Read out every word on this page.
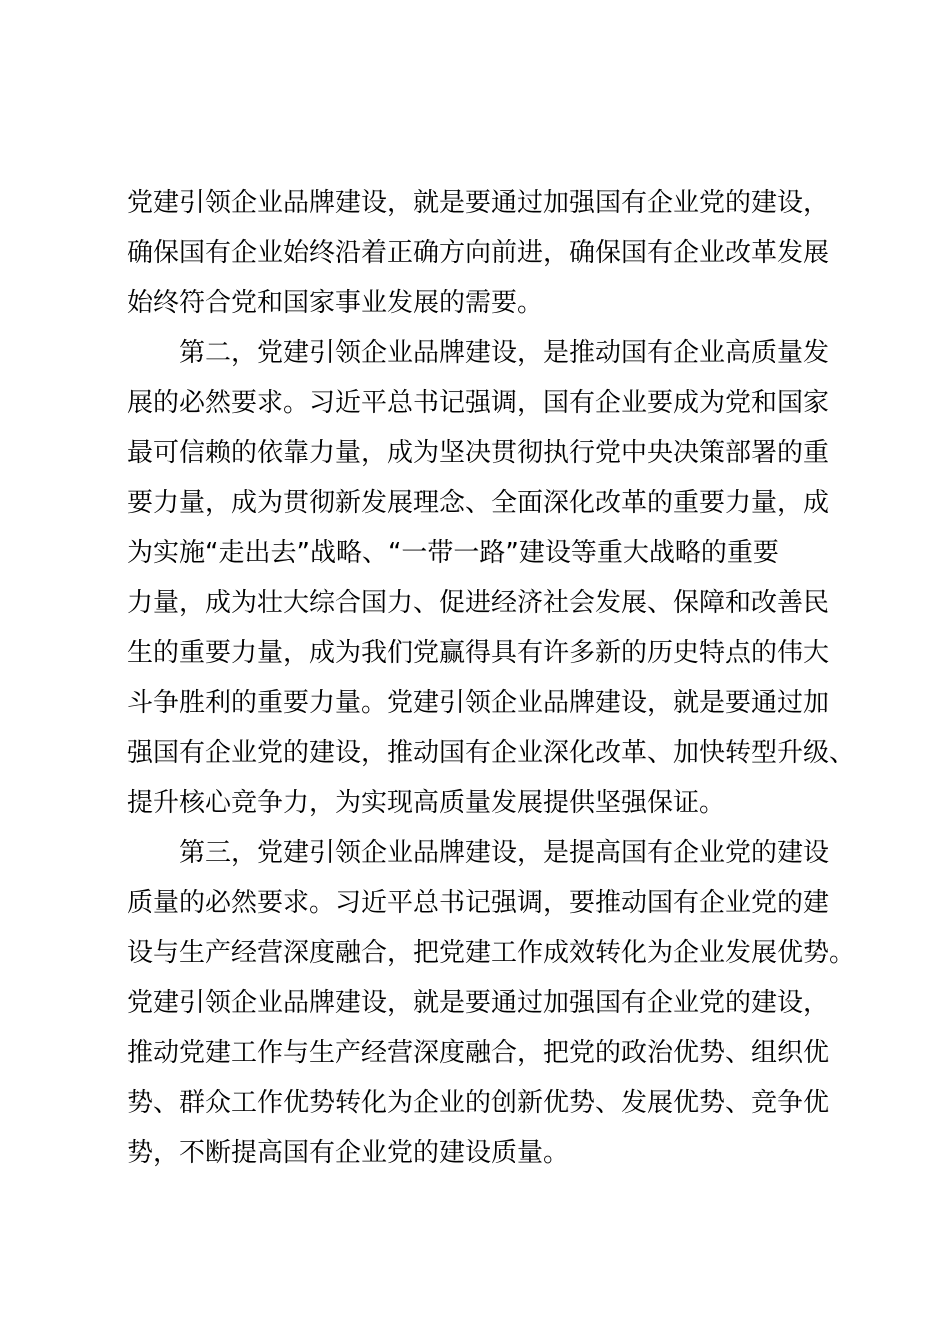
党建引领企业品牌建设，就是要通过加强国有企业党的建设，
确保国有企业始终沿着正确方向前进，确保国有企业改革发展
始终符合党和国家事业发展的需要。
第二，党建引领企业品牌建设，是推动国有企业高质量发
展的必然要求。习近平总书记强调，国有企业要成为党和国家
最可信赖的依靠力量，成为坚决贯彻执行党中央决策部署的重
要力量，成为贯彻新发展理念、全面深化改革的重要力量，成
为实施“走出去”战略、“一带一路”建设等重大战略的重要
力量，成为壮大综合国力、促进经济社会发展、保障和改善民
生的重要力量，成为我们党赢得具有许多新的历史特点的伟大
斗争胜利的重要力量。党建引领企业品牌建设，就是要通过加
强国有企业党的建设，推动国有企业深化改革、加快转型升级、
提升核心竞争力，为实现高质量发展提供坚强保证。
第三，党建引领企业品牌建设，是提高国有企业党的建设
质量的必然要求。习近平总书记强调，要推动国有企业党的建
设与生产经营深度融合，把党建工作成效转化为企业发展优势。
党建引领企业品牌建设，就是要通过加强国有企业党的建设，
推动党建工作与生产经营深度融合，把党的政治优势、组织优
势、群众工作优势转化为企业的创新优势、发展优势、竞争优
势，不断提高国有企业党的建设质量。
